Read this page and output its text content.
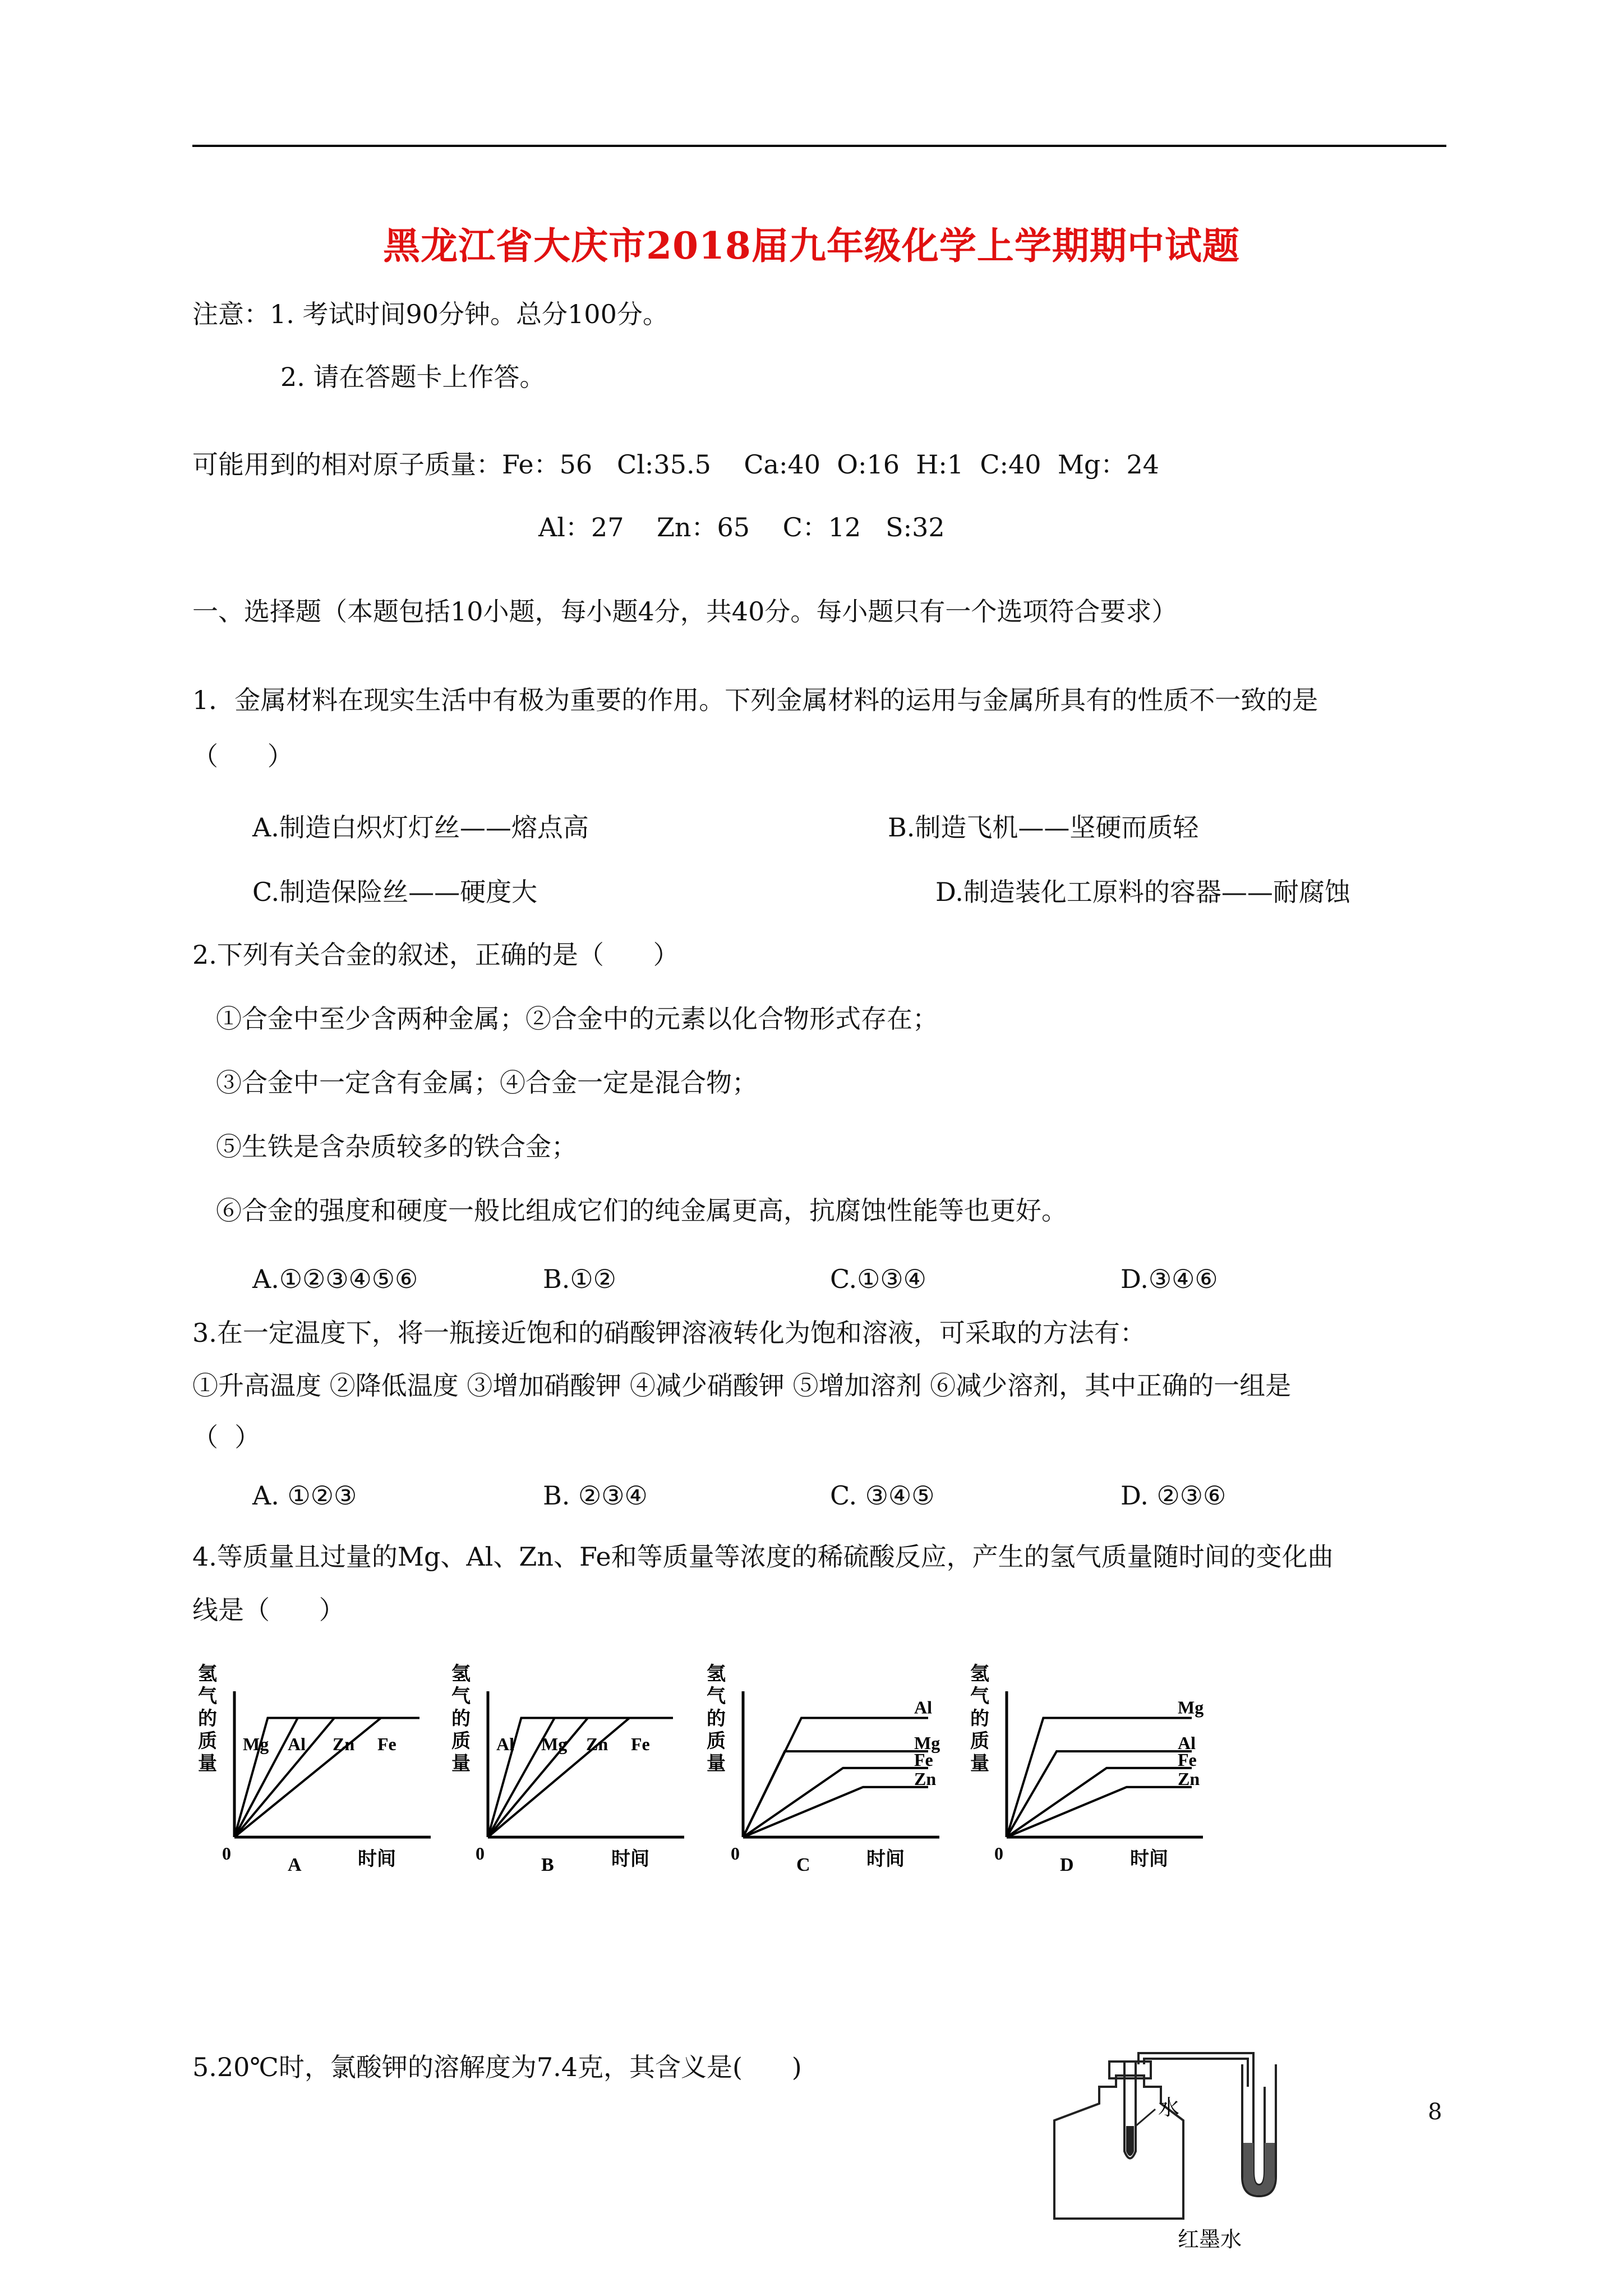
黑龙江省大庆市2018届九年级化学上学期期中试题
注意：1. 考试时间90分钟。总分100分。
2. 请在答题卡上作答。
可能用到的相对原子质量：Fe：56   Cl:35.5    Ca:40  O:16  H:1  C:40  Mg：24
Al：27    Zn：65    C：12   S:32
一、选择题（本题包括10小题，每小题4分，共40分。每小题只有一个选项符合要求）
1．金属材料在现实生活中有极为重要的作用。下列金属材料的运用与金属所具有的性质不一致的是
（      ）
A.制造白炽灯灯丝——熔点高	B.制造飞机——坚硬而质轻
C.制造保险丝——硬度大	D.制造装化工原料的容器——耐腐蚀
2.下列有关合金的叙述，正确的是（      ）
①合金中至少含两种金属；②合金中的元素以化合物形式存在；
③合金中一定含有金属；④合金一定是混合物；
⑤生铁是含杂质较多的铁合金；
⑥合金的强度和硬度一般比组成它们的纯金属更高，抗腐蚀性能等也更好。
A.①②③④⑤⑥	B.①②	C.①③④	D.③④⑥
3.在一定温度下，将一瓶接近饱和的硝酸钾溶液转化为饱和溶液，可采取的方法有：
①升高温度 ②降低温度 ③增加硝酸钾 ④减少硝酸钾 ⑤增加溶剂 ⑥减少溶剂，其中正确的一组是
（  ）
A. ①②③	B. ②③④	C. ③④⑤	D. ②③⑥
4.等质量且过量的Mg、Al、Zn、Fe和等质量等浓度的稀硫酸反应，产生的氢气质量随时间的变化曲
线是（      ）
氢
气
的
质
量
0	时间
A
Mg Al Zn Fe
氢
气
的
质
量
0	时间
B
Al Mg Zn Fe
氢
气
的
质
量
0	时间
C
Al
Mg
Fe
Zn
氢
气
的
质
量
0	时间
D
Mg
Al
Fe
Zn
5.20℃时，氯酸钾的溶解度为7.4克，其含义是(      )
水
红墨水
8
